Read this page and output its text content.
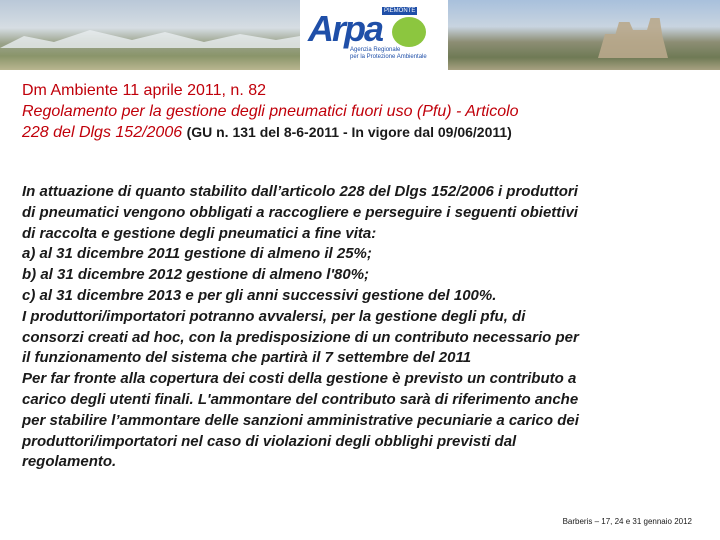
Arpa PIEMONTE
Agenzia Regionale
per la Protezione Ambientale
Dm Ambiente 11 aprile 2011, n. 82
Regolamento per la gestione degli pneumatici fuori uso (Pfu) - Articolo
228 del Dlgs 152/2006 (GU n. 131 del 8-6-2011 - In vigore dal 09/06/2011)
In attuazione di quanto stabilito dall’articolo 228 del Dlgs 152/2006 i produttori
di pneumatici vengono obbligati a raccogliere e perseguire i seguenti obiettivi
di raccolta e gestione degli pneumatici a fine vita:
a) al 31 dicembre 2011 gestione di almeno il 25%;
b) al 31 dicembre 2012 gestione di almeno l'80%;
c) al 31 dicembre 2013 e per gli anni successivi gestione del 100%.
I produttori/importatori potranno avvalersi, per la gestione degli pfu, di
consorzi creati ad hoc, con la predisposizione di un contributo necessario per
il funzionamento del sistema che partirà il 7 settembre del 2011
Per far fronte alla copertura dei costi della gestione è previsto un contributo a
carico degli utenti finali. L'ammontare del contributo sarà di riferimento anche
per stabilire l’ammontare delle sanzioni amministrative pecuniarie a carico dei
produttori/importatori nel caso di violazioni degli obblighi previsti dal
regolamento.
Barberis – 17, 24 e 31 gennaio 2012
